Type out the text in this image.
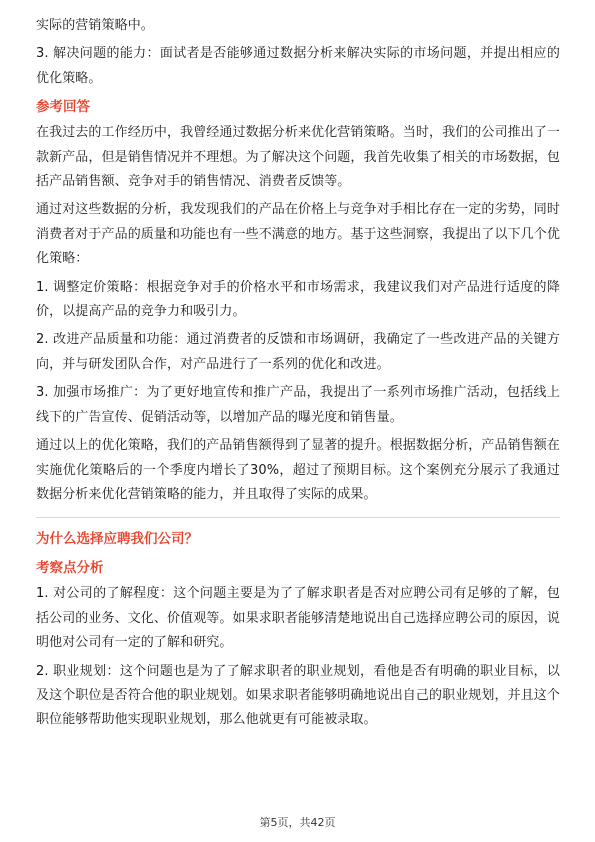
实际的营销策略中。

3. 解决问题的能力：面试者是否能够通过数据分析来解决实际的市场问题，并提出相应的优化策略。

参考回答

在我过去的工作经历中，我曾经通过数据分析来优化营销策略。当时，我们的公司推出了一款新产品，但是销售情况并不理想。为了解决这个问题，我首先收集了相关的市场数据，包括产品销售额、竞争对手的销售情况、消费者反馈等。

通过对这些数据的分析，我发现我们的产品在价格上与竞争对手相比存在一定的劣势，同时消费者对于产品的质量和功能也有一些不满意的地方。基于这些洞察，我提出了以下几个优化策略：

1. 调整定价策略：根据竞争对手的价格水平和市场需求，我建议我们对产品进行适度的降价，以提高产品的竞争力和吸引力。

2. 改进产品质量和功能：通过消费者的反馈和市场调研，我确定了一些改进产品的关键方向，并与研发团队合作，对产品进行了一系列的优化和改进。

3. 加强市场推广：为了更好地宣传和推广产品，我提出了一系列市场推广活动，包括线上线下的广告宣传、促销活动等，以增加产品的曝光度和销售量。

通过以上的优化策略，我们的产品销售额得到了显著的提升。根据数据分析，产品销售额在实施优化策略后的一个季度内增长了30%，超过了预期目标。这个案例充分展示了我通过数据分析来优化营销策略的能力，并且取得了实际的成果。

为什么选择应聘我们公司？
考察点分析

1. 对公司的了解程度：这个问题主要是为了了解求职者是否对应聘公司有足够的了解，包括公司的业务、文化、价值观等。如果求职者能够清楚地说出自己选择应聘公司的原因，说明他对公司有一定的了解和研究。

2. 职业规划：这个问题也是为了了解求职者的职业规划，看他是否有明确的职业目标，以及这个职位是否符合他的职业规划。如果求职者能够明确地说出自己的职业规划，并且这个职位能够帮助他实现职业规划，那么他就更有可能被录取。

第5页，共42页
